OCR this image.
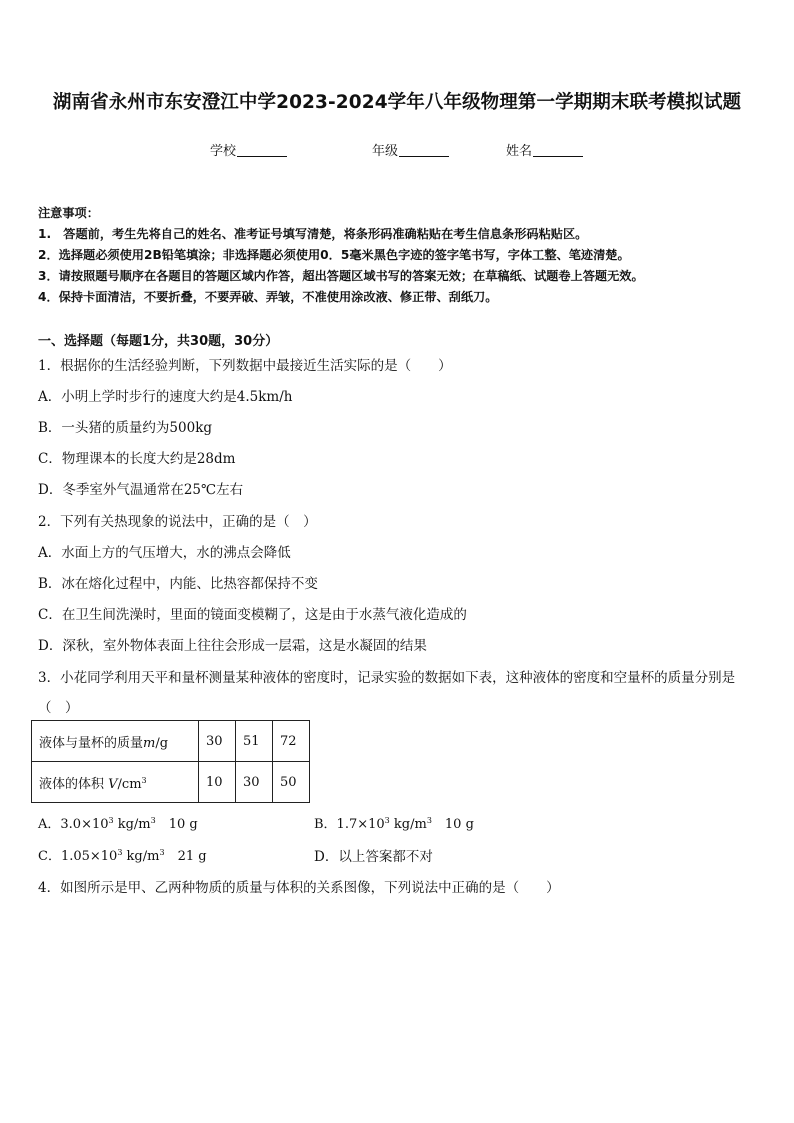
湖南省永州市东安澄江中学2023-2024学年八年级物理第一学期期末联考模拟试题
学校	年级	姓名
注意事项：
1.　答题前，考生先将自己的姓名、准考证号填写清楚，将条形码准确粘贴在考生信息条形码粘贴区。
2．选择题必须使用2B铅笔填涂；非选择题必须使用0．5毫米黑色字迹的签字笔书写，字体工整、笔迹清楚。
3．请按照题号顺序在各题目的答题区域内作答，超出答题区域书写的答案无效；在草稿纸、试题卷上答题无效。
4．保持卡面清洁，不要折叠，不要弄破、弄皱，不准使用涂改液、修正带、刮纸刀。
一、选择题（每题1分，共30题，30分）
1．根据你的生活经验判断，下列数据中最接近生活实际的是（　　）
A．小明上学时步行的速度大约是4.5km/h
B．一头猪的质量约为500kg
C．物理课本的长度大约是28dm
D．冬季室外气温通常在25℃左右
2．下列有关热现象的说法中，正确的是（　）
A．水面上方的气压增大，水的沸点会降低
B．冰在熔化过程中，内能、比热容都保持不变
C．在卫生间洗澡时，里面的镜面变模糊了，这是由于水蒸气液化造成的
D．深秋，室外物体表面上往往会形成一层霜，这是水凝固的结果
3．小花同学利用天平和量杯测量某种液体的密度时，记录实验的数据如下表，这种液体的密度和空量杯的质量分别是
（　）
液体与量杯的质量m/g	30	51	72
液体的体积 $V/cm^3$	10	30	50
A．$3.0\times 10^3$ $kg/m^3$　10 g	B．$1.7\times 10^3$ $kg/m^3$　10 g
C．$1.05\times 10^3$ $kg/m^3$　21 g	D．以上答案都不对
4．如图所示是甲、乙两种物质的质量与体积的关系图像，下列说法中正确的是（　　）
